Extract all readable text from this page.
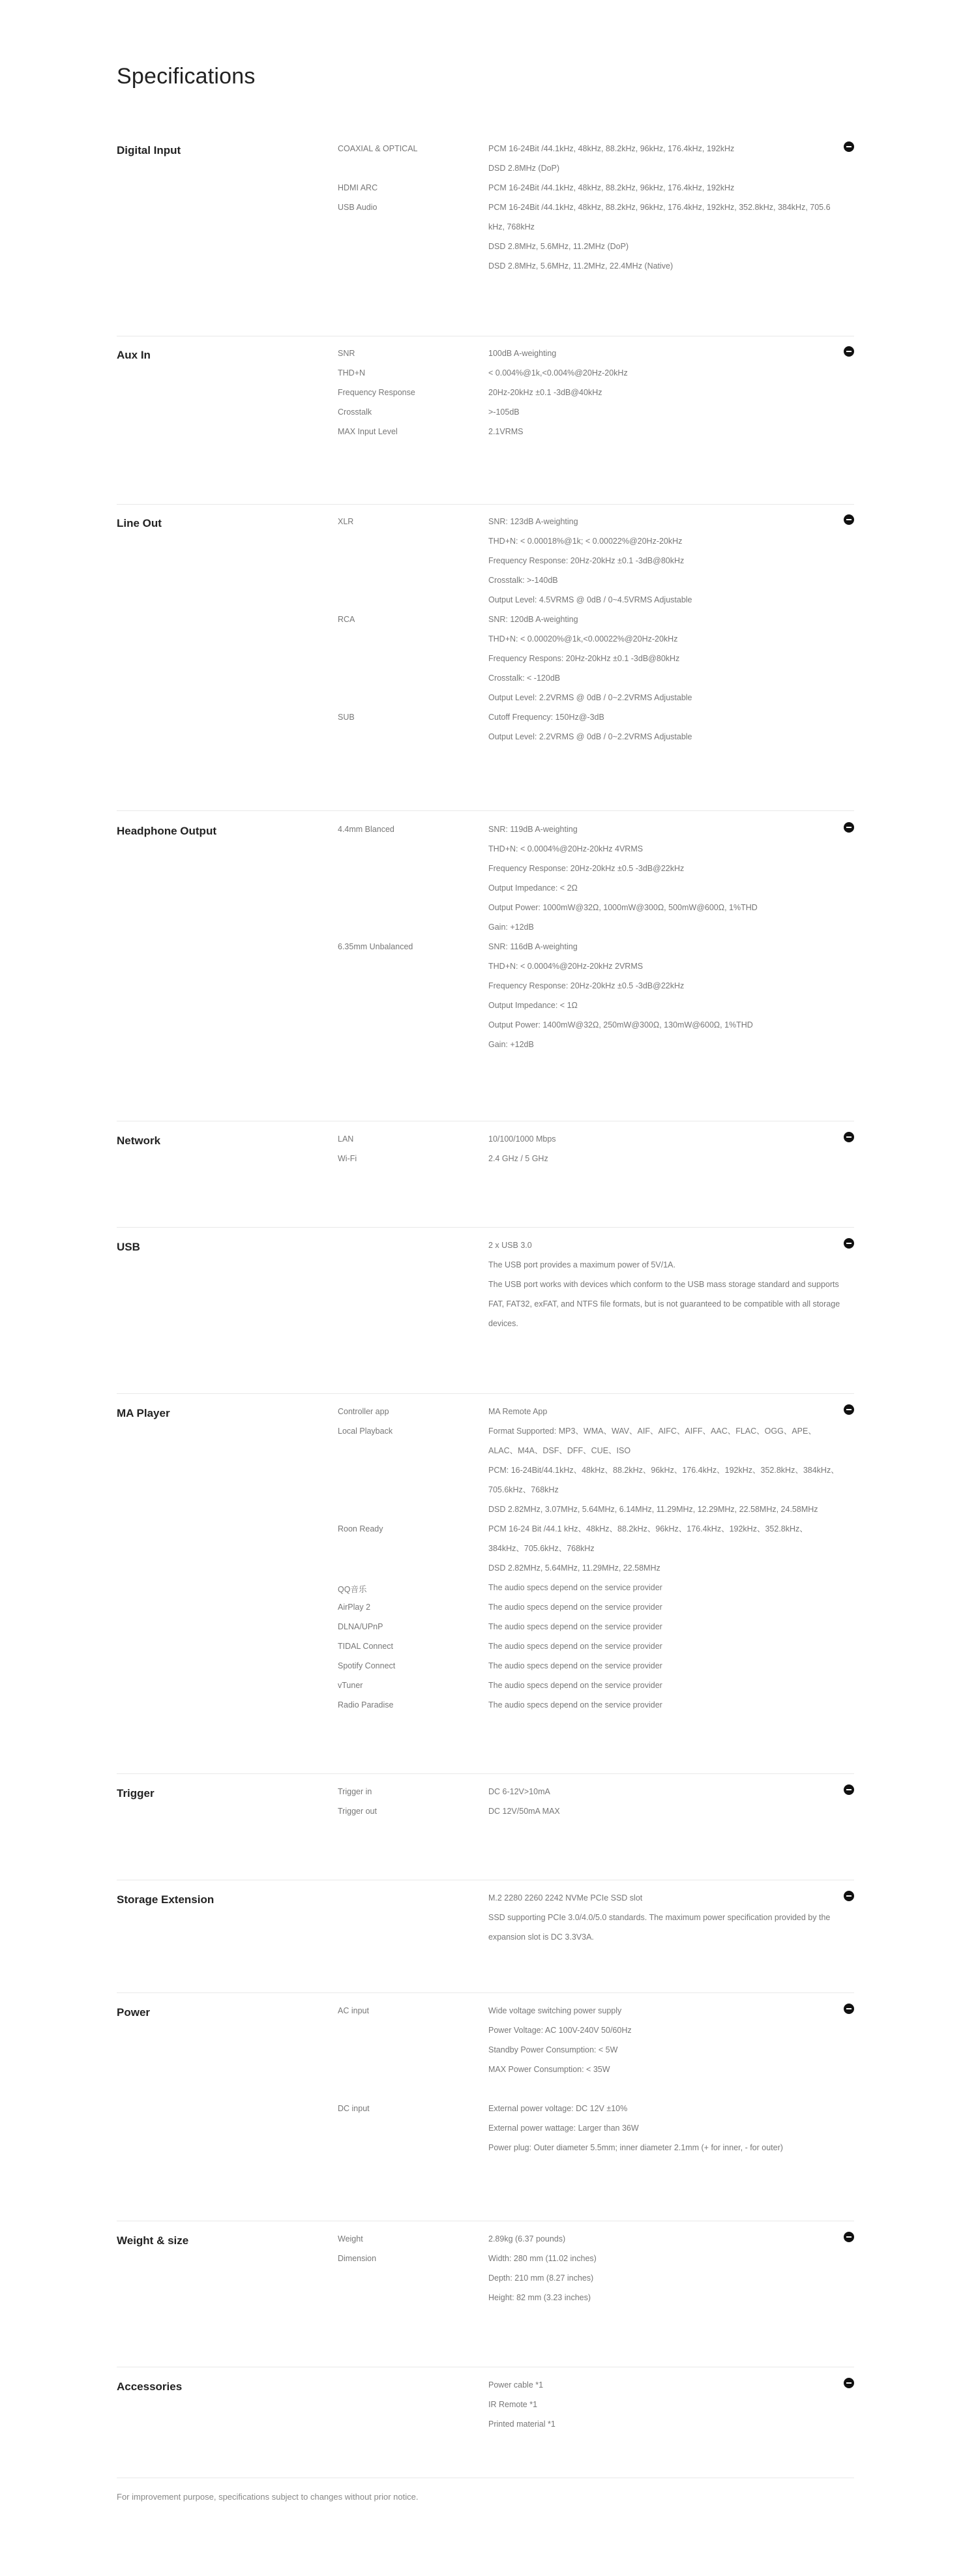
Specifications
Digital Input	COAXIAL & OPTICAL	PCM 16-24Bit /44.1kHz, 48kHz, 88.2kHz, 96kHz, 176.4kHz, 192kHz
DSD 2.8MHz (DoP)
HDMI ARC	PCM 16-24Bit /44.1kHz, 48kHz, 88.2kHz, 96kHz, 176.4kHz, 192kHz
USB Audio	PCM 16-24Bit /44.1kHz, 48kHz, 88.2kHz, 96kHz, 176.4kHz, 192kHz, 352.8kHz, 384kHz, 705.6 kHz, 768kHz
DSD 2.8MHz, 5.6MHz, 11.2MHz (DoP)
DSD 2.8MHz, 5.6MHz, 11.2MHz, 22.4MHz (Native)
Aux In	SNR	100dB A-weighting
THD+N	< 0.004%@1k,<0.004%@20Hz-20kHz
Frequency Response	20Hz-20kHz ±0.1 -3dB@40kHz
Crosstalk	>-105dB
MAX Input Level	2.1VRMS
Line Out	XLR	SNR: 123dB A-weighting
THD+N: < 0.00018%@1k; < 0.00022%@20Hz-20kHz
Frequency Response: 20Hz-20kHz ±0.1 -3dB@80kHz
Crosstalk: >-140dB
Output Level: 4.5VRMS @ 0dB / 0~4.5VRMS Adjustable
RCA	SNR: 120dB A-weighting
THD+N: < 0.00020%@1k,<0.00022%@20Hz-20kHz
Frequency Respons: 20Hz-20kHz ±0.1 -3dB@80kHz
Crosstalk: < -120dB
Output Level: 2.2VRMS @ 0dB / 0~2.2VRMS Adjustable
SUB	Cutoff Frequency: 150Hz@-3dB
Output Level: 2.2VRMS @ 0dB / 0~2.2VRMS Adjustable
Headphone Output	4.4mm Blanced	SNR: 119dB A-weighting
THD+N: < 0.0004%@20Hz-20kHz 4VRMS
Frequency Response: 20Hz-20kHz ±0.5 -3dB@22kHz
Output Impedance: < 2Ω
Output Power: 1000mW@32Ω, 1000mW@300Ω, 500mW@600Ω, 1%THD
Gain: +12dB
6.35mm Unbalanced	SNR: 116dB A-weighting
THD+N: < 0.0004%@20Hz-20kHz 2VRMS
Frequency Response: 20Hz-20kHz ±0.5 -3dB@22kHz
Output Impedance: < 1Ω
Output Power: 1400mW@32Ω, 250mW@300Ω, 130mW@600Ω, 1%THD
Gain: +12dB
Network	LAN	10/100/1000 Mbps
Wi-Fi	2.4 GHz / 5 GHz
USB	2 x USB 3.0
The USB port provides a maximum power of 5V/1A.
The USB port works with devices which conform to the USB mass storage standard and supports FAT, FAT32, exFAT, and NTFS file formats, but is not guaranteed to be compatible with all storage devices.
MA Player	Controller app	MA Remote App
Local Playback	Format Supported: MP3、WMA、WAV、AIF、AIFC、AIFF、AAC、FLAC、OGG、APE、ALAC、M4A、DSF、DFF、CUE、ISO
PCM: 16-24Bit/44.1kHz、48kHz、88.2kHz、96kHz、176.4kHz、192kHz、352.8kHz、384kHz、705.6kHz、768kHz
DSD 2.82MHz, 3.07MHz, 5.64MHz, 6.14MHz, 11.29MHz, 12.29MHz, 22.58MHz, 24.58MHz
Roon Ready	PCM 16-24 Bit /44.1 kHz、48kHz、88.2kHz、96kHz、176.4kHz、192kHz、352.8kHz、384kHz、705.6kHz、768kHz
DSD 2.82MHz, 5.64MHz, 11.29MHz, 22.58MHz
QQ音乐	The audio specs depend on the service provider
AirPlay 2	The audio specs depend on the service provider
DLNA/UPnP	The audio specs depend on the service provider
TIDAL Connect	The audio specs depend on the service provider
Spotify Connect	The audio specs depend on the service provider
vTuner	The audio specs depend on the service provider
Radio Paradise	The audio specs depend on the service provider
Trigger	Trigger in	DC 6-12V>10mA
Trigger out	DC 12V/50mA MAX
Storage Extension	M.2 2280 2260 2242 NVMe PCIe SSD slot
SSD supporting PCIe 3.0/4.0/5.0 standards. The maximum power specification provided by the expansion slot is DC 3.3V3A.
Power	AC input	Wide voltage switching power supply
Power Voltage: AC 100V-240V 50/60Hz
Standby Power Consumption: < 5W
MAX Power Consumption: < 35W
DC input	External power voltage: DC 12V ±10%
External power wattage: Larger than 36W
Power plug: Outer diameter 5.5mm; inner diameter 2.1mm (+ for inner, - for outer)
Weight & size	Weight	2.89kg (6.37 pounds)
Dimension	Width: 280 mm (11.02 inches)
Depth: 210 mm (8.27 inches)
Height: 82 mm (3.23 inches)
Accessories	Power cable *1
IR Remote *1
Printed material *1
For improvement purpose, specifications subject to changes without prior notice.
